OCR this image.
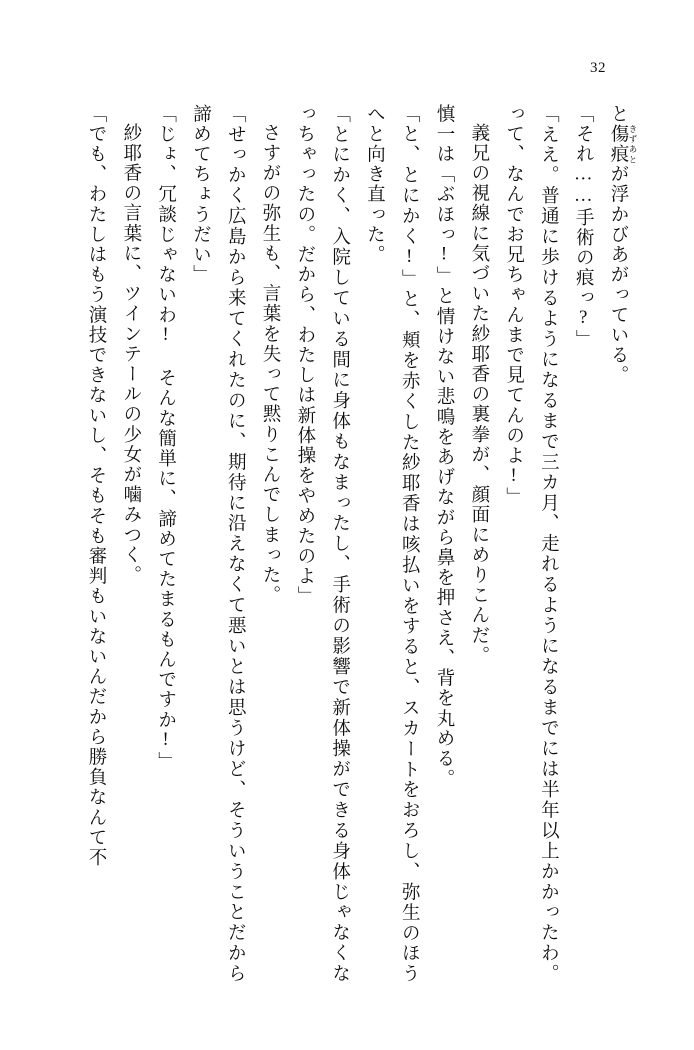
32

と傷痕 きずあとが浮かびあがっている。

「それ……手術の痕っ?」

「ええ。普通に歩けるようになるまで三カ月、走れるようになるまでには半年以上かかったわ。って、なんでお兄ちゃんまで見てんのよ!」

義兄の視線に気づいた紗耶香の裏拳が、顔面にめりこんだ。

慎一は「ぶほっ!」と情けない悲鳴をあげながら鼻を押さえ、背を丸める。

「と、とにかく!」と、頬を赤くした紗耶香は咳払いをすると、スカートをおろし、弥生のほうへと向き直った。

「とにかく、入院している間に身体もなまったし、手術の影響で新体操ができる身体じゃなくなっちゃったの。だから、わたしは新体操をやめたのよ」

さすがの弥生も、言葉を失って黙りこんでしまった。

「せっかく広島から来てくれたのに、期待に沿えなくて悪いとは思うけど、そういうことだから諦めてちょうだい」

「じょ、冗談じゃないわ! そんな簡単に、諦めてたまるもんですか!」

紗耶香の言葉に、ツインテールの少女が噛みつく。

「でも、わたしはもう演技できないし、そもそも審判もいないんだから勝負なんて不
